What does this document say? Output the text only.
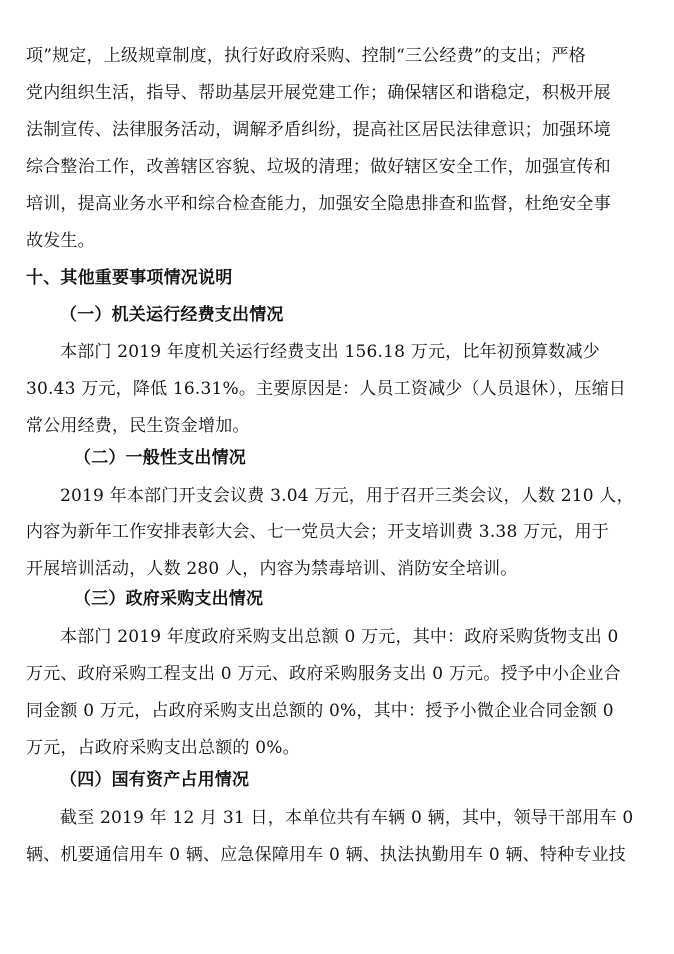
项”规定，上级规章制度，执行好政府采购、控制“三公经费”的支出；严格
党内组织生活，指导、帮助基层开展党建工作；确保辖区和谐稳定，积极开展
法制宣传、法律服务活动，调解矛盾纠纷，提高社区居民法律意识；加强环境
综合整治工作，改善辖区容貌、垃圾的清理；做好辖区安全工作，加强宣传和
培训，提高业务水平和综合检查能力，加强安全隐患排查和监督，杜绝安全事
故发生。
十、其他重要事项情况说明
（一）机关运行经费支出情况
本部门 2019 年度机关运行经费支出 156.18 万元，比年初预算数减少
30.43 万元，降低 16.31%。主要原因是：人员工资减少（人员退休），压缩日
常公用经费，民生资金增加。
（二）一般性支出情况
2019 年本部门开支会议费 3.04 万元，用于召开三类会议，人数 210 人，
内容为新年工作安排表彰大会、七一党员大会；开支培训费 3.38 万元，用于
开展培训活动，人数 280 人，内容为禁毒培训、消防安全培训。
（三）政府采购支出情况
本部门 2019 年度政府采购支出总额 0 万元，其中：政府采购货物支出 0
万元、政府采购工程支出 0 万元、政府采购服务支出 0 万元。授予中小企业合
同金额 0 万元，占政府采购支出总额的 0%，其中：授予小微企业合同金额 0
万元，占政府采购支出总额的 0%。
（四）国有资产占用情况
截至 2019 年 12 月 31 日，本单位共有车辆 0 辆，其中，领导干部用车 0
辆、机要通信用车 0 辆、应急保障用车 0 辆、执法执勤用车 0 辆、特种专业技
